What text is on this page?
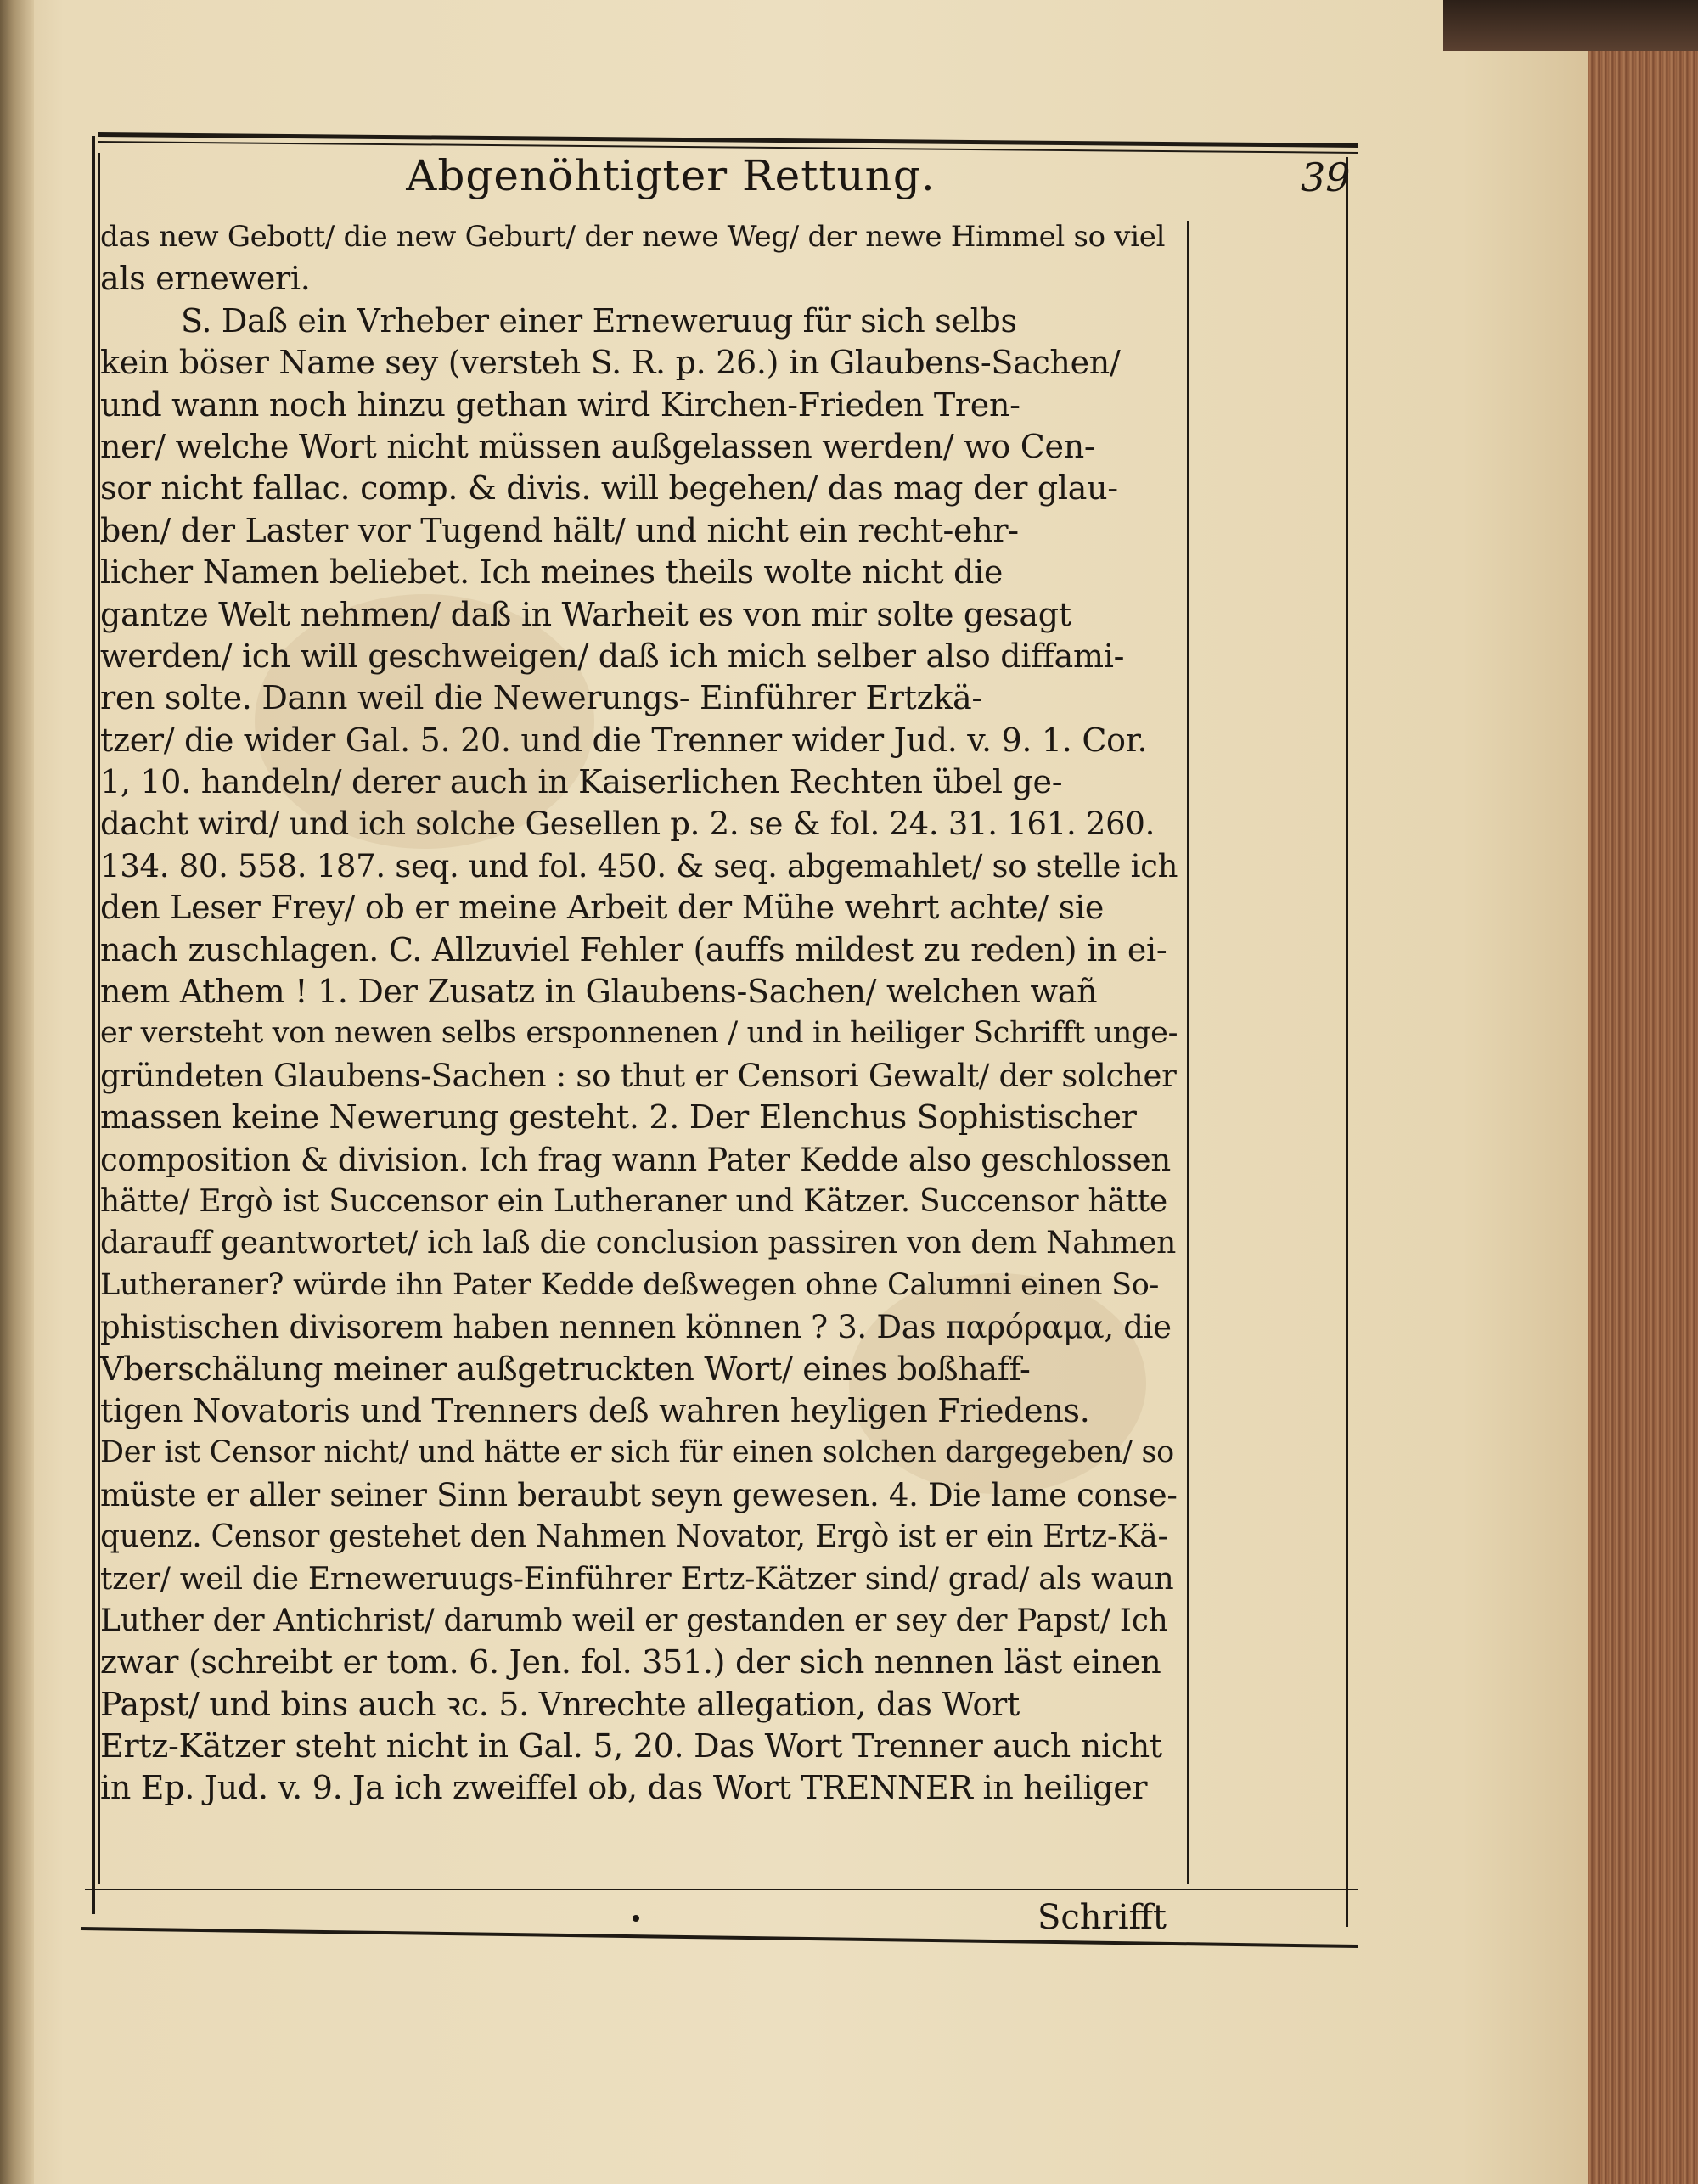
Abgenöhtigter Rettung.	39
das new Gebott/ die new Geburt/ der newe Weg/ der newe Himmel so viel
als erneweri.
S. Daß ein Vrheber einer Erneweruug für sich selbs
kein böser Name sey (versteh S. R. p. 26.) in Glaubens-Sachen/
und wann noch hinzu gethan wird Kirchen-Frieden Tren-
ner/ welche Wort nicht müssen außgelassen werden/ wo Cen-
sor nicht fallac. comp. & divis. will begehen/ das mag der glau-
ben/ der Laster vor Tugend hält/ und nicht ein recht-ehr-
licher Namen beliebet. Ich meines theils wolte nicht die
gantze Welt nehmen/ daß in Warheit es von mir solte gesagt
werden/ ich will geschweigen/ daß ich mich selber also diffami-
ren solte. Dann weil die Newerungs- Einführer Ertzkä-
tzer/ die wider Gal. 5. 20. und die Trenner wider Jud. v. 9. 1. Cor.
1, 10. handeln/ derer auch in Kaiserlichen Rechten übel ge-
dacht wird/ und ich solche Gesellen p. 2. se & fol. 24. 31. 161. 260.
134. 80. 558. 187. seq. und fol. 450. & seq. abgemahlet/ so stelle ich
den Leser Frey/ ob er meine Arbeit der Mühe wehrt achte/ sie
nach zuschlagen. C. Allzuviel Fehler (auffs mildest zu reden) in ei-
nem Athem ! 1. Der Zusatz in Glaubens-Sachen/ welchen wañ
er versteht von newen selbs ersponnenen / und in heiliger Schrifft unge-
gründeten Glaubens-Sachen : so thut er Censori Gewalt/ der solcher
massen keine Newerung gesteht. 2. Der Elenchus Sophistischer
composition & division. Ich frag wann Pater Kedde also geschlossen
hätte/ Ergò ist Succensor ein Lutheraner und Kätzer. Succensor hätte
darauff geantwortet/ ich laß die conclusion passiren von dem Nahmen
Lutheraner? würde ihn Pater Kedde deßwegen ohne Calumni einen So-
phistischen divisorem haben nennen können ? 3. Das παρόραμα, die
Vberschälung meiner außgetruckten Wort/ eines boßhaff-
tigen Novatoris und Trenners deß wahren heyligen Friedens.
Der ist Censor nicht/ und hätte er sich für einen solchen dargegeben/ so
müste er aller seiner Sinn beraubt seyn gewesen. 4. Die lame conse-
quenz. Censor gestehet den Nahmen Novator, Ergò ist er ein Ertz-Kä-
tzer/ weil die Erneweruugs-Einführer Ertz-Kätzer sind/ grad/ als waun
Luther der Antichrist/ darumb weil er gestanden er sey der Papst/ Ich
zwar (schreibt er tom. 6. Jen. fol. 351.) der sich nennen läst einen
Papst/ und bins auch ꝛc. 5. Vnrechte allegation, das Wort
Ertz-Kätzer steht nicht in Gal. 5, 20. Das Wort Trenner auch nicht
in Ep. Jud. v. 9. Ja ich zweiffel ob, das Wort TRENNER in heiliger
Schrifft
